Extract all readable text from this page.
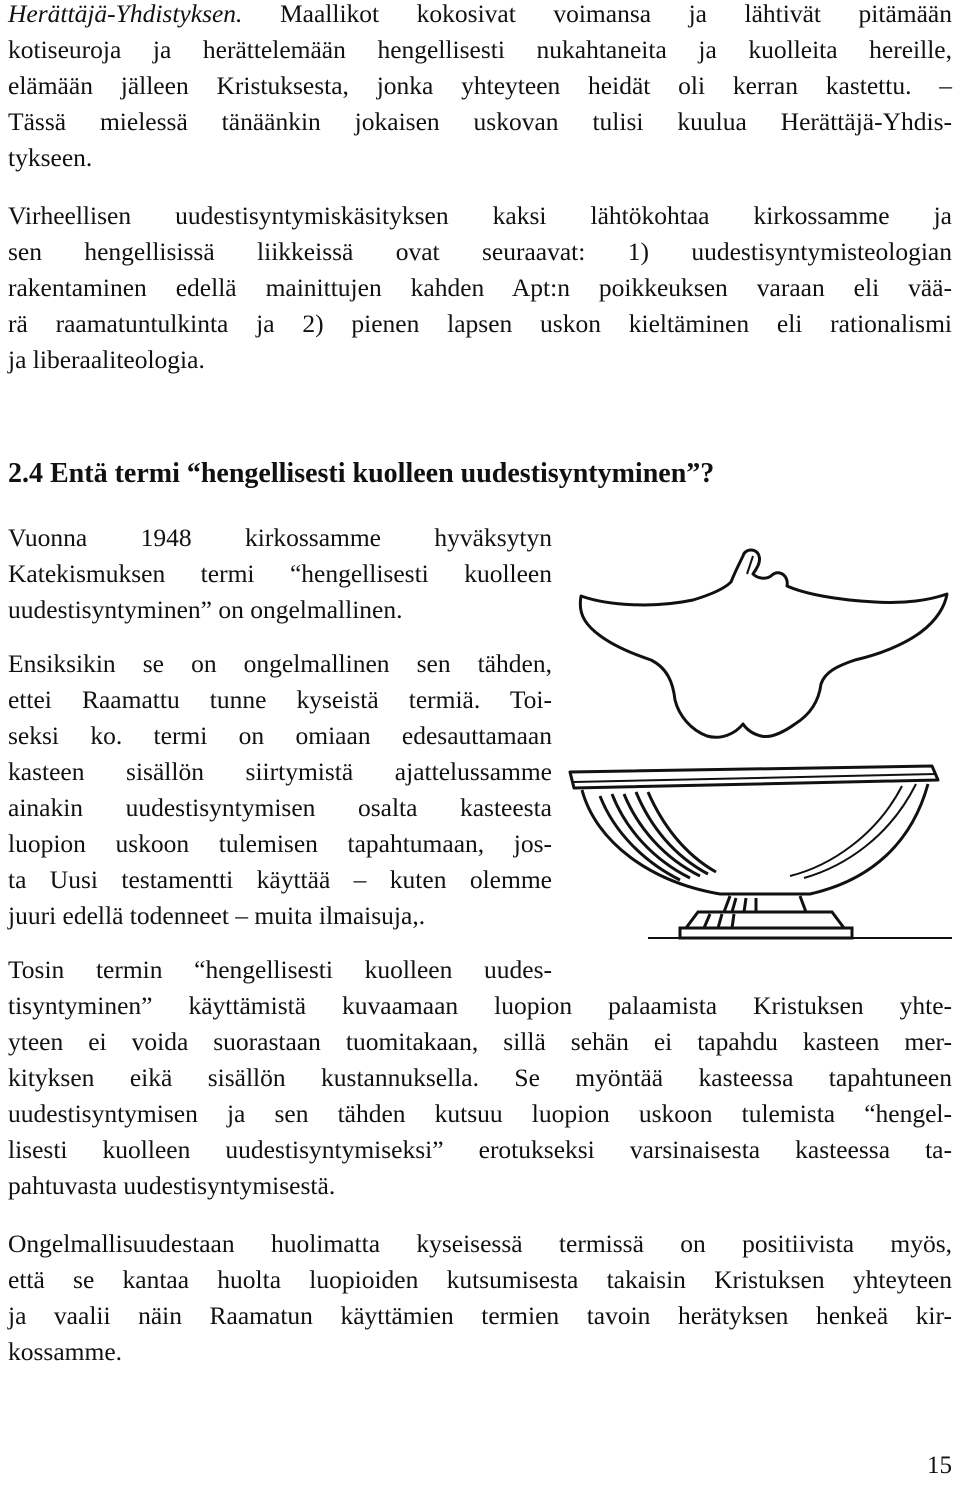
Herättäjä-Yhdistyksen. Maallikot kokosivat voimansa ja lähtivät pitämään
kotiseuroja ja herättelemään hengellisesti nukahtaneita ja kuolleita hereille,
elämään jälleen Kristuksesta, jonka yhteyteen heidät oli kerran kastettu. –
Tässä mielessä tänäänkin jokaisen uskovan tulisi kuulua Herättäjä-Yhdis-
tykseen.
Virheellisen uudestisyntymiskäsityksen kaksi lähtökohtaa kirkossamme ja
sen hengellisissä liikkeissä ovat seuraavat: 1) uudestisyntymisteologian
rakentaminen edellä mainittujen kahden Apt:n poikkeuksen varaan eli vää-
rä raamatuntulkinta ja 2) pienen lapsen uskon kieltäminen eli rationalismi
ja liberaaliteologia.
2.4 Entä termi “hengellisesti kuolleen uudestisyntyminen”?
Vuonna 1948 kirkossamme hyväksytyn
Katekismuksen termi “hengellisesti kuolleen
uudestisyntyminen” on ongelmallinen.
Ensiksikin se on ongelmallinen sen tähden,
ettei Raamattu tunne kyseistä termiä. Toi-
seksi ko. termi on omiaan edesauttamaan
kasteen sisällön siirtymistä ajattelussamme
ainakin uudestisyntymisen osalta kasteesta
luopion uskoon tulemisen tapahtumaan, jos-
ta Uusi testamentti käyttää – kuten olemme
juuri edellä todenneet – muita ilmaisuja,.
Tosin termin “hengellisesti kuolleen uudes-
tisyntyminen” käyttämistä kuvaamaan luopion palaamista Kristuksen yhte-
yteen ei voida suorastaan tuomitakaan, sillä sehän ei tapahdu kasteen mer-
kityksen eikä sisällön kustannuksella. Se myöntää kasteessa tapahtuneen
uudestisyntymisen ja sen tähden kutsuu luopion uskoon tulemista “hengel-
lisesti kuolleen uudestisyntymiseksi” erotukseksi varsinaisesta kasteessa ta-
pahtuvasta uudestisyntymisestä.
Ongelmallisuudestaan huolimatta kyseisessä termissä on positiivista myös,
että se kantaa huolta luopioiden kutsumisesta takaisin Kristuksen yhteyteen
ja vaalii näin Raamatun käyttämien termien tavoin herätyksen henkeä kir-
kossamme.
15
